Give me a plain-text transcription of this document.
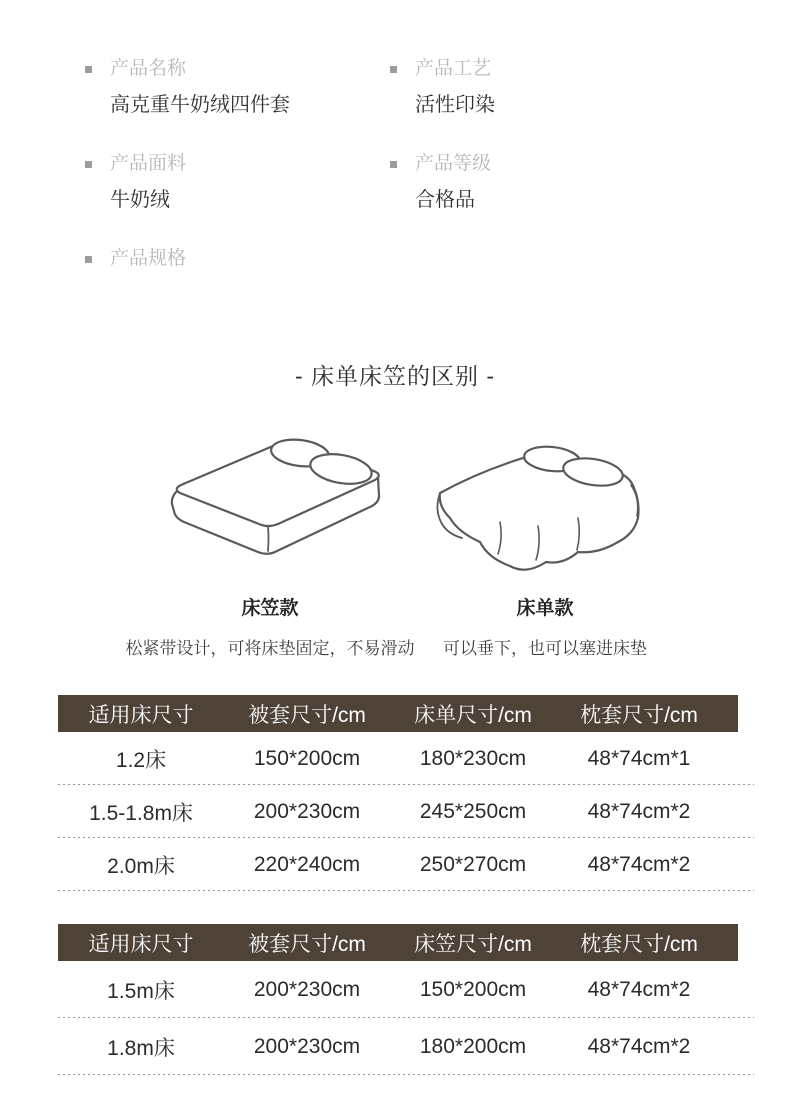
产品名称
高克重牛奶绒四件套
产品工艺
活性印染
产品面料
牛奶绒
产品等级
合格品
产品规格
- 床单床笠的区别 -
床笠款
松紧带设计，可将床垫固定，不易滑动
床单款
可以垂下，也可以塞进床垫
适用床尺寸	被套尺寸/cm	床单尺寸/cm	枕套尺寸/cm
1.2床	150*200cm	180*230cm	48*74cm*1
1.5-1.8m床	200*230cm	245*250cm	48*74cm*2
2.0m床	220*240cm	250*270cm	48*74cm*2
适用床尺寸	被套尺寸/cm	床笠尺寸/cm	枕套尺寸/cm
1.5m床	200*230cm	150*200cm	48*74cm*2
1.8m床	200*230cm	180*200cm	48*74cm*2
